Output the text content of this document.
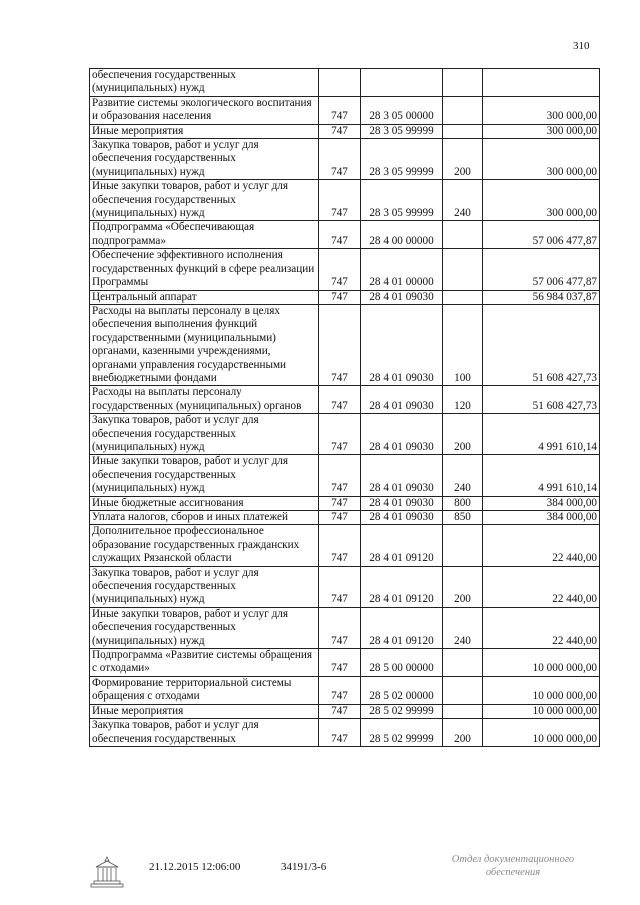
310
обеспечения государственных (муниципальных) нужд				
Развитие системы экологического воспитания и образования населения	747	28 3 05 00000		300 000,00
Иные мероприятия	747	28 3 05 99999		300 000,00
Закупка товаров, работ и услуг для обеспечения государственных (муниципальных) нужд	747	28 3 05 99999	200	300 000,00
Иные закупки товаров, работ и услуг для обеспечения государственных (муниципальных) нужд	747	28 3 05 99999	240	300 000,00
Подпрограмма «Обеспечивающая подпрограмма»	747	28 4 00 00000		57 006 477,87
Обеспечение эффективного исполнения государственных функций в сфере реализации Программы	747	28 4 01 00000		57 006 477,87
Центральный аппарат	747	28 4 01 09030		56 984 037,87
Расходы на выплаты персоналу в целях обеспечения выполнения функций государственными (муниципальными) органами, казенными учреждениями, органами управления государственными внебюджетными фондами	747	28 4 01 09030	100	51 608 427,73
Расходы на выплаты персоналу государственных (муниципальных) органов	747	28 4 01 09030	120	51 608 427,73
Закупка товаров, работ и услуг для обеспечения государственных (муниципальных) нужд	747	28 4 01 09030	200	4 991 610,14
Иные закупки товаров, работ и услуг для обеспечения государственных (муниципальных) нужд	747	28 4 01 09030	240	4 991 610,14
Иные бюджетные ассигнования	747	28 4 01 09030	800	384 000,00
Уплата налогов, сборов и иных платежей	747	28 4 01 09030	850	384 000,00
Дополнительное профессиональное образование государственных гражданских служащих Рязанской области	747	28 4 01 09120		22 440,00
Закупка товаров, работ и услуг для обеспечения государственных (муниципальных) нужд	747	28 4 01 09120	200	22 440,00
Иные закупки товаров, работ и услуг для обеспечения государственных (муниципальных) нужд	747	28 4 01 09120	240	22 440,00
Подпрограмма «Развитие системы обращения с отходами»	747	28 5 00 00000		10 000 000,00
Формирование территориальной системы обращения с отходами	747	28 5 02 00000		10 000 000,00
Иные мероприятия	747	28 5 02 99999		10 000 000,00
Закупка товаров, работ и услуг для обеспечения государственных	747	28 5 02 99999	200	10 000 000,00
21.12.2015 12:06:00	34191/3-6
Отдел документационного
обеспечения
